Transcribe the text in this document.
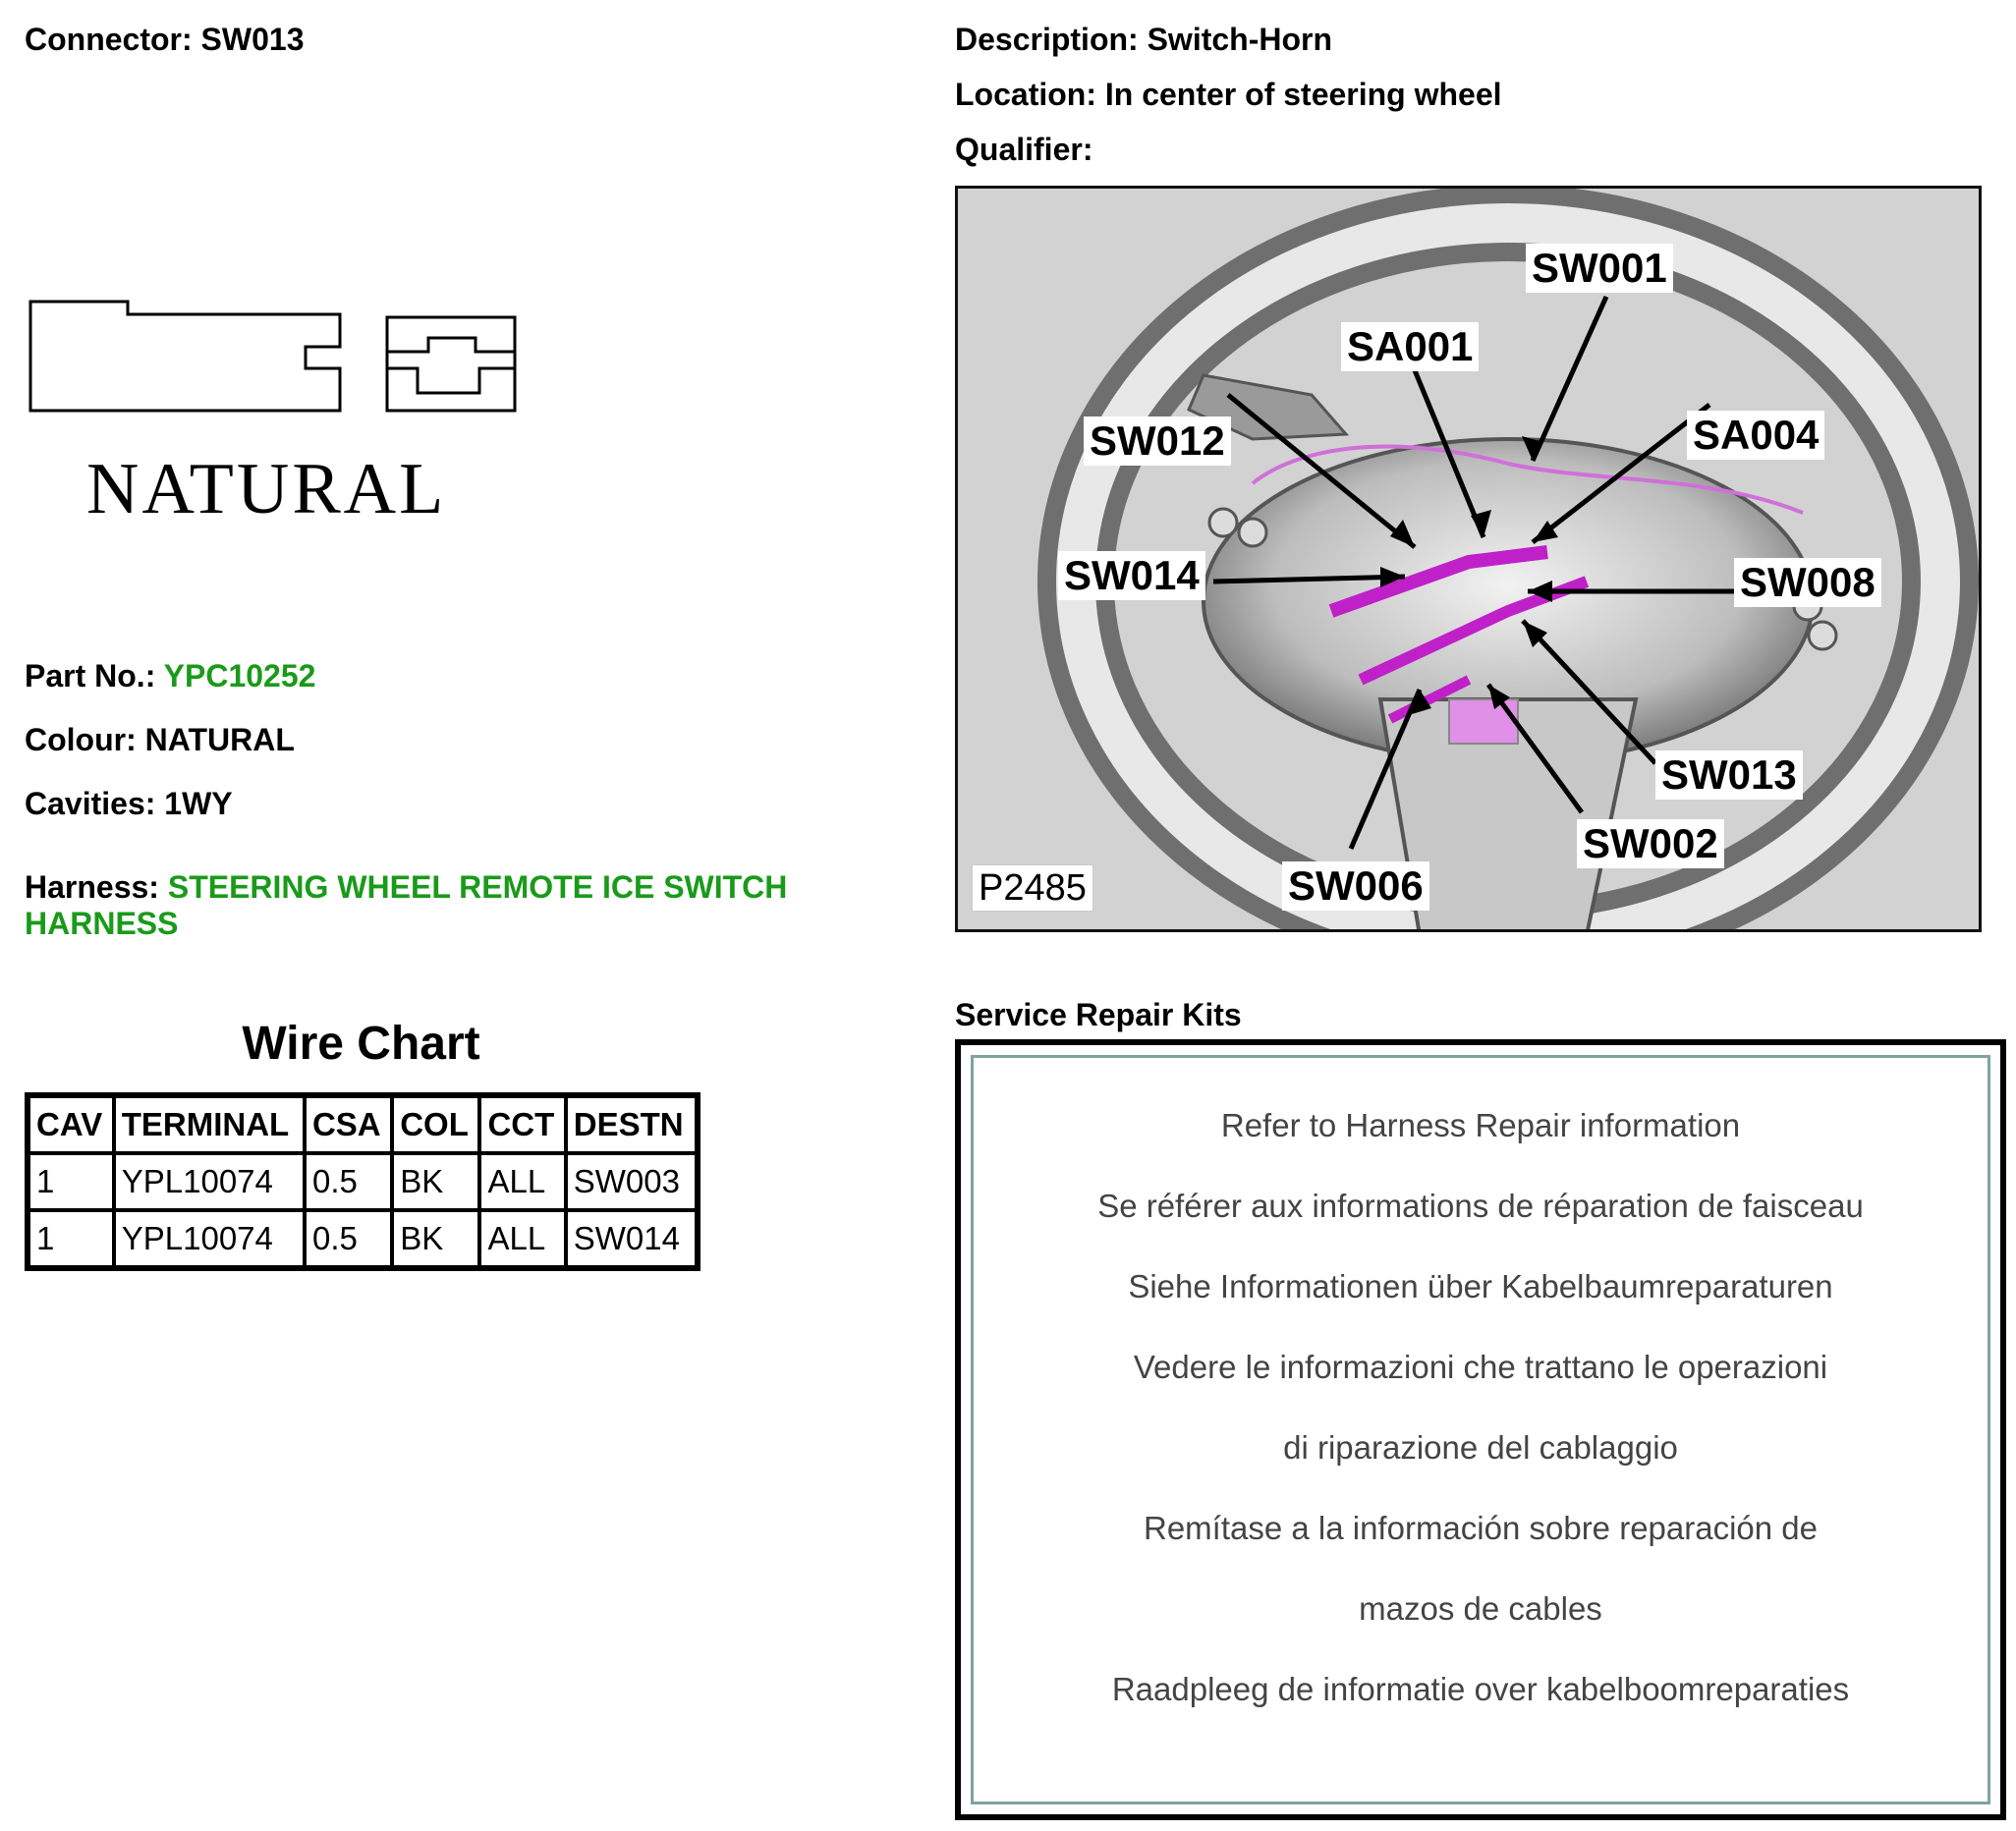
Connector: SW013
NATURAL
Part No.: YPC10252
Colour: NATURAL
Cavities: 1WY
Harness: STEERING WHEEL REMOTE ICE SWITCH
HARNESS
Wire Chart
CAV	TERMINAL	CSA	COL	CCT	DESTN
1	YPL10074	0.5	BK	ALL	SW003
1	YPL10074	0.5	BK	ALL	SW014
Description: Switch-Horn
Location: In center of steering wheel
Qualifier:
SW001
SA001
SW012	SA004
SW014	SW008
SW013
SW002
SW006
P2485
Service Repair Kits
Refer to Harness Repair information
Se référer aux informations de réparation de faisceau
Siehe Informationen über Kabelbaumreparaturen
Vedere le informazioni che trattano le operazioni
di riparazione del cablaggio
Remítase a la información sobre reparación de
mazos de cables
Raadpleeg de informatie over kabelboomreparaties
